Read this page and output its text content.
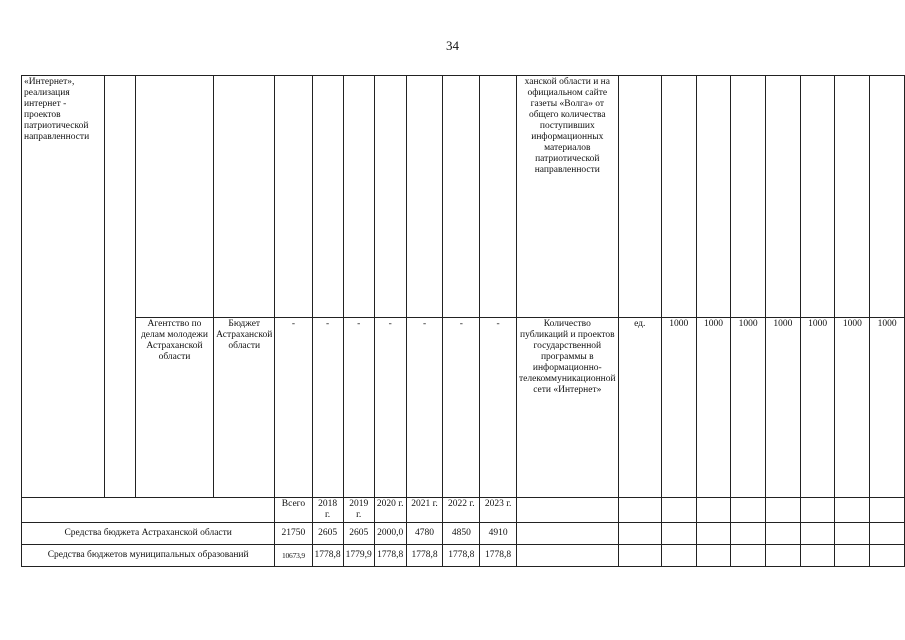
34
«Интернет», реализация интернет - проектов патриотической направленности											ханской области и на официальном сайте газеты «Волга» от общего количества поступивших информационных материалов патриотической направленности								
		Агентство по делам молодежи Астраханской области	Бюджет Астраханской области	-	-	-	-	-	-	-	Количество публикаций и проектов государственной программы в информационно-телекоммуникационной сети «Интернет»	ед.	1000	1000	1000	1000	1000	1000	1000
				Всего	2018 г.	2019 г.	2020 г.	2021 г.	2022 г.	2023 г.									
Средства бюджета Астраханской области				21750	2605	2605	2000,0	4780	4850	4910									
Средства бюджетов муниципальных образований				10673,9	1778,8	1779,9	1778,8	1778,8	1778,8	1778,8									
